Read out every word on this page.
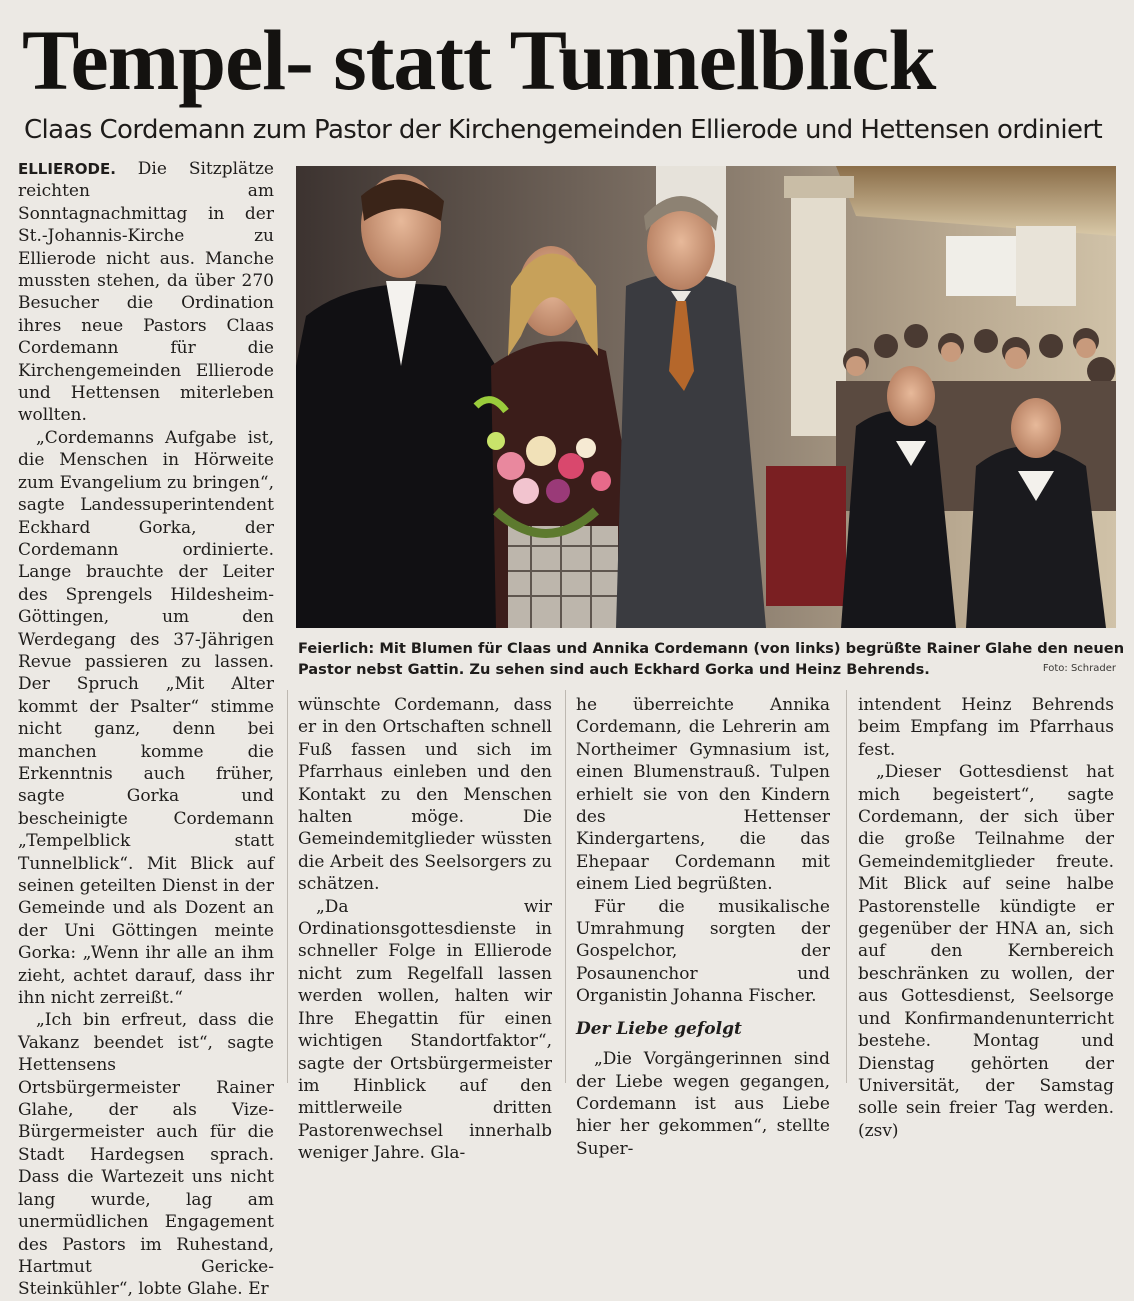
Tempel- statt Tunnelblick
Claas Cordemann zum Pastor der Kirchengemeinden Ellierode und Hettensen ordiniert

ELLIERODE. Die Sitzplätze reichten am Sonntagnachmittag in der St.-Johannis-Kirche zu Ellierode nicht aus. Manche mussten stehen, da über 270 Besucher die Ordination ihres neue Pastors Claas Cordemann für die Kirchengemeinden Ellierode und Hettensen miterleben wollten.

„Cordemanns Aufgabe ist, die Menschen in Hörweite zum Evangelium zu bringen“, sagte Landessuperintendent Eckhard Gorka, der Cordemann ordinierte. Lange brauchte der Leiter des Sprengels Hildesheim-Göttingen, um den Werdegang des 37-Jährigen Revue passieren zu lassen. Der Spruch „Mit Alter kommt der Psalter“ stimme nicht ganz, denn bei manchen komme die Erkenntnis auch früher, sagte Gorka und bescheinigte Cordemann „Tempelblick statt Tunnelblick“. Mit Blick auf seinen geteilten Dienst in der Gemeinde und als Dozent an der Uni Göttingen meinte Gorka: „Wenn ihr alle an ihm zieht, achtet darauf, dass ihr ihn nicht zerreißt.“

„Ich bin erfreut, dass die Vakanz beendet ist“, sagte Hettensens Ortsbürgermeister Rainer Glahe, der als Vize-Bürgermeister auch für die Stadt Hardegsen sprach. Dass die Wartezeit uns nicht lang wurde, lag am unermüdlichen Engagement des Pastors im Ruhestand, Hartmut Gericke-Steinkühler“, lobte Glahe. Er

Feierlich: Mit Blumen für Claas und Annika Cordemann (von links) begrüßte Rainer Glahe den neuen
Pastor nebst Gattin. Zu sehen sind auch Eckhard Gorka und Heinz Behrends.	Foto: Schrader

wünschte Cordemann, dass er in den Ortschaften schnell Fuß fassen und sich im Pfarrhaus einleben und den Kontakt zu den Menschen halten möge. Die Gemeindemitglieder wüssten die Arbeit des Seelsorgers zu schätzen.

„Da wir Ordinationsgottesdienste in schneller Folge in Ellierode nicht zum Regelfall lassen werden wollen, halten wir Ihre Ehegattin für einen wichtigen Standortfaktor“, sagte der Ortsbürgermeister im Hinblick auf den mittlerweile dritten Pastorenwechsel innerhalb weniger Jahre. Gla-

he überreichte Annika Cordemann, die Lehrerin am Northeimer Gymnasium ist, einen Blumenstrauß. Tulpen erhielt sie von den Kindern des Hettenser Kindergartens, die das Ehepaar Cordemann mit einem Lied begrüßten.

Für die musikalische Umrahmung sorgten der Gospelchor, der Posaunenchor und Organistin Johanna Fischer.

Der Liebe gefolgt

„Die Vorgängerinnen sind der Liebe wegen gegangen, Cordemann ist aus Liebe hier her gekommen“, stellte Super-

intendent Heinz Behrends beim Empfang im Pfarrhaus fest.

„Dieser Gottesdienst hat mich begeistert“, sagte Cordemann, der sich über die große Teilnahme der Gemeindemitglieder freute. Mit Blick auf seine halbe Pastorenstelle kündigte er gegenüber der HNA an, sich auf den Kernbereich beschränken zu wollen, der aus Gottesdienst, Seelsorge und Konfirmandenunterricht bestehe. Montag und Dienstag gehörten der Universität, der Samstag solle sein freier Tag werden.(zsv)
